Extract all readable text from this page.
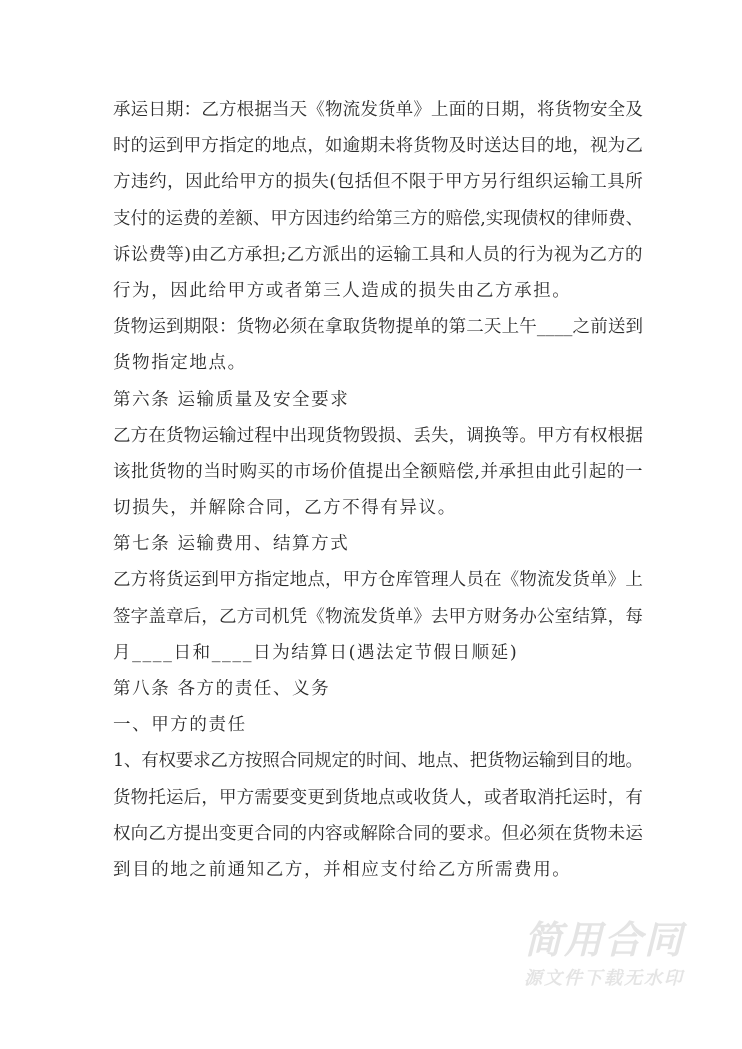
承运日期：乙方根据当天《物流发货单》上面的日期，将货物安全及
时的运到甲方指定的地点，如逾期未将货物及时送达目的地，视为乙
方违约，因此给甲方的损失(包括但不限于甲方另行组织运输工具所
支付的运费的差额、甲方因违约给第三方的赔偿,实现债权的律师费、
诉讼费等)由乙方承担;乙方派出的运输工具和人员的行为视为乙方的
行为，因此给甲方或者第三人造成的损失由乙方承担。
货物运到期限：货物必须在拿取货物提单的第二天上午____之前送到
货物指定地点。
第六条 运输质量及安全要求
乙方在货物运输过程中出现货物毁损、丢失，调换等。甲方有权根据
该批货物的当时购买的市场价值提出全额赔偿,并承担由此引起的一
切损失，并解除合同，乙方不得有异议。
第七条 运输费用、结算方式
乙方将货运到甲方指定地点，甲方仓库管理人员在《物流发货单》上
签字盖章后，乙方司机凭《物流发货单》去甲方财务办公室结算，每
月____日和____日为结算日(遇法定节假日顺延)
第八条 各方的责任、义务
一、甲方的责任
1、有权要求乙方按照合同规定的时间、地点、把货物运输到目的地。
货物托运后，甲方需要变更到货地点或收货人，或者取消托运时，有
权向乙方提出变更合同的内容或解除合同的要求。但必须在货物未运
到目的地之前通知乙方，并相应支付给乙方所需费用。
简用合同
源文件下载无水印
